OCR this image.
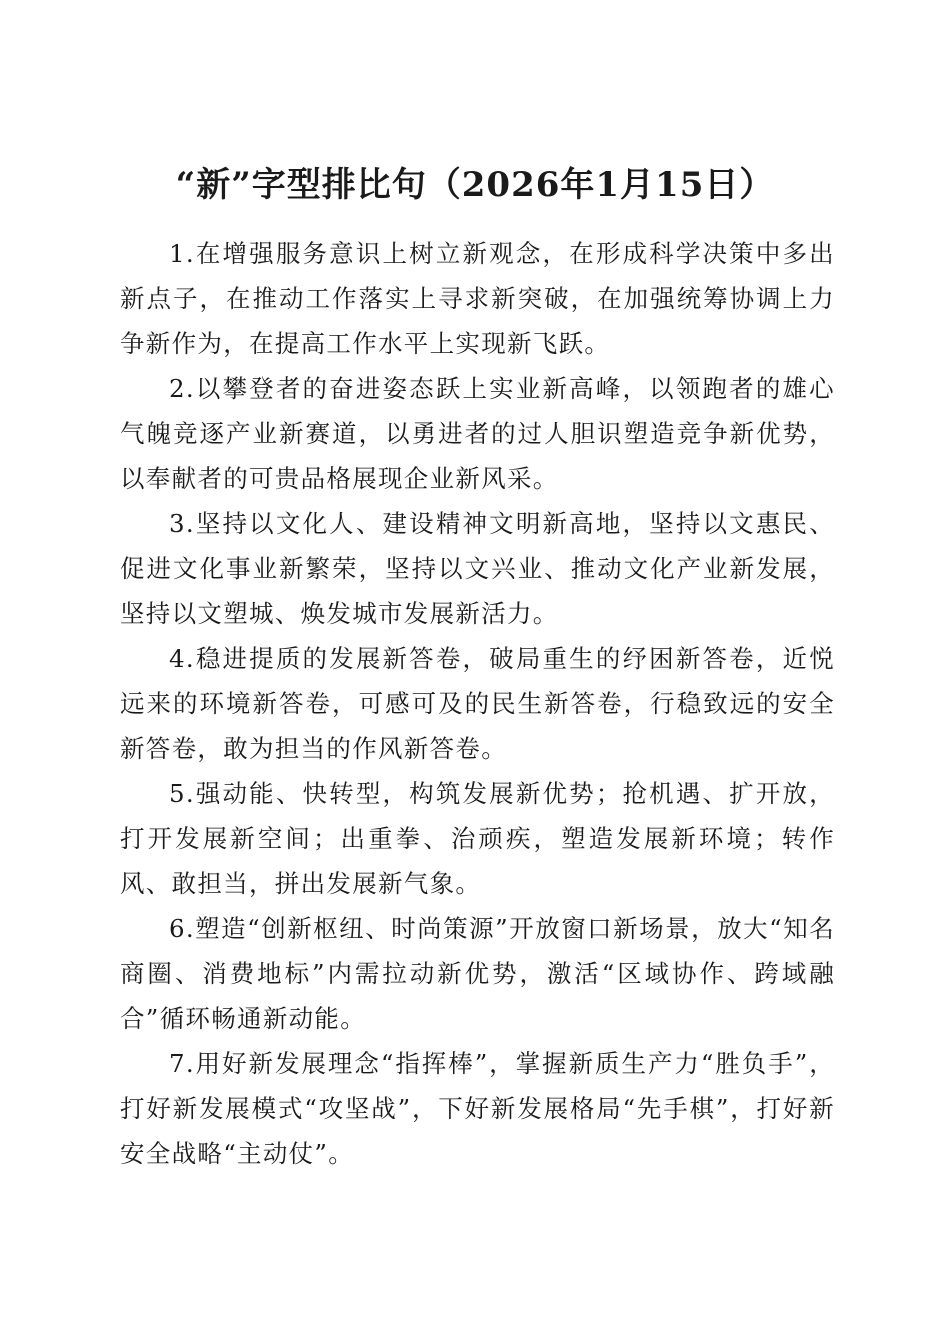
“新”字型排比句（2026年1月15日）

1.在增强服务意识上树立新观念，在形成科学决策中多出新点子，在推动工作落实上寻求新突破，在加强统筹协调上力争新作为，在提高工作水平上实现新飞跃。

2.以攀登者的奋进姿态跃上实业新高峰，以领跑者的雄心气魄竞逐产业新赛道，以勇进者的过人胆识塑造竞争新优势，以奉献者的可贵品格展现企业新风采。

3.坚持以文化人、建设精神文明新高地，坚持以文惠民、促进文化事业新繁荣，坚持以文兴业、推动文化产业新发展，坚持以文塑城、焕发城市发展新活力。

4.稳进提质的发展新答卷，破局重生的纾困新答卷，近悦远来的环境新答卷，可感可及的民生新答卷，行稳致远的安全新答卷，敢为担当的作风新答卷。

5.强动能、快转型，构筑发展新优势；抢机遇、扩开放，打开发展新空间；出重拳、治顽疾，塑造发展新环境；转作风、敢担当，拼出发展新气象。

6.塑造“创新枢纽、时尚策源”开放窗口新场景，放大“知名商圈、消费地标”内需拉动新优势，激活“区域协作、跨域融合”循环畅通新动能。

7.用好新发展理念“指挥棒”，掌握新质生产力“胜负手”，打好新发展模式“攻坚战”，下好新发展格局“先手棋”，打好新安全战略“主动仗”。
